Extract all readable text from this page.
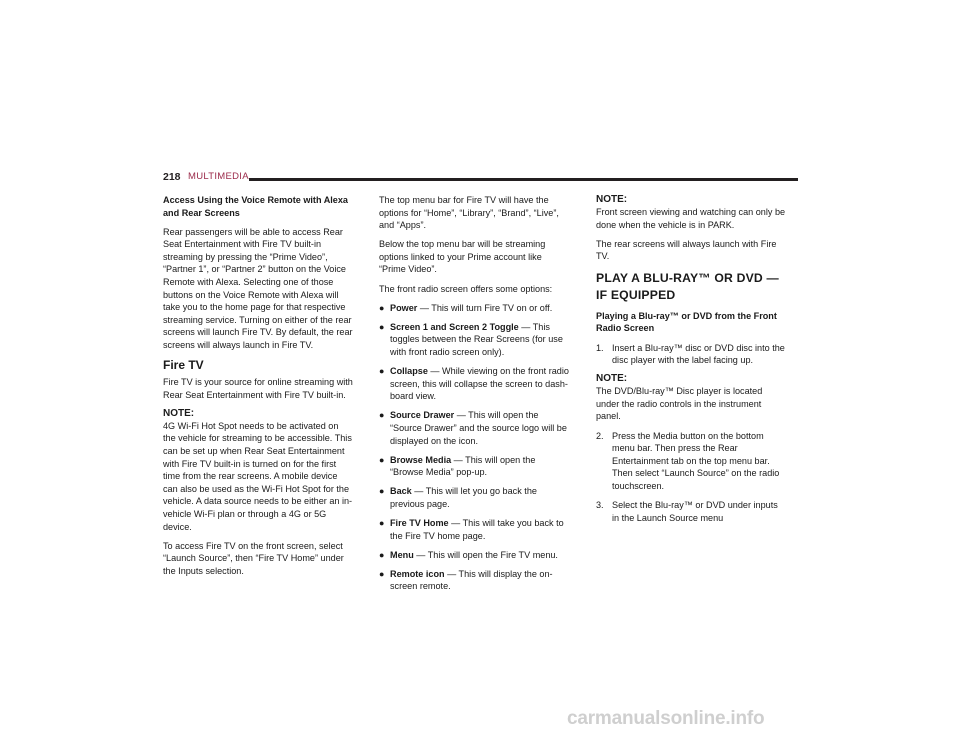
218 MULTIMEDIA

Access Using the Voice Remote with Alexa and Rear Screens

Rear passengers will be able to access Rear Seat Entertainment with Fire TV built-in streaming by pressing the “Prime Video”, “Partner 1”, or “Partner 2” button on the Voice Remote with Alexa. Selecting one of those buttons on the Voice Remote with Alexa will take you to the home page for that respective streaming service. Turning on either of the rear screens will launch Fire TV. By default, the rear screens will always launch in Fire TV.

Fire TV

Fire TV is your source for online streaming with Rear Seat Entertainment with Fire TV built-in.

NOTE:

4G Wi-Fi Hot Spot needs to be activated on the vehicle for streaming to be accessible. This can be set up when Rear Seat Entertainment with Fire TV built-in is turned on for the first time from the rear screens. A mobile device can also be used as the Wi-Fi Hot Spot for the vehicle. A data source needs to be either an in-vehicle Wi-Fi plan or through a 4G or 5G device.

To access Fire TV on the front screen, select “Launch Source”, then “Fire TV Home” under the Inputs selection.

The top menu bar for Fire TV will have the options for “Home”, “Library”, “Brand”, “Live”, and “Apps”.

Below the top menu bar will be streaming options linked to your Prime account like “Prime Video”.

The front radio screen offers some options:

● Power — This will turn Fire TV on or off.
● Screen 1 and Screen 2 Toggle — This toggles between the Rear Screens (for use with front radio screen only).
● Collapse — While viewing on the front radio screen, this will collapse the screen to dash-board view.
● Source Drawer — This will open the “Source Drawer” and the source logo will be displayed on the icon.
● Browse Media — This will open the “Browse Media” pop-up.
● Back — This will let you go back the previous page.
● Fire TV Home — This will take you back to the Fire TV home page.
● Menu — This will open the Fire TV menu.
● Remote icon — This will display the on-screen remote.

NOTE:

Front screen viewing and watching can only be done when the vehicle is in PARK.

The rear screens will always launch with Fire TV.

PLAY A BLU-RAY™ OR DVD —
IF EQUIPPED

Playing a Blu-ray™ or DVD from the Front Radio Screen

1. Insert a Blu-ray™ disc or DVD disc into the disc player with the label facing up.

NOTE:

The DVD/Blu-ray™ Disc player is located under the radio controls in the instrument panel.

2. Press the Media button on the bottom menu bar. Then press the Rear Entertainment tab on the top menu bar. Then select “Launch Source” on the radio touchscreen.
3. Select the Blu-ray™ or DVD under inputs in the Launch Source menu
carmanualsonline.info
